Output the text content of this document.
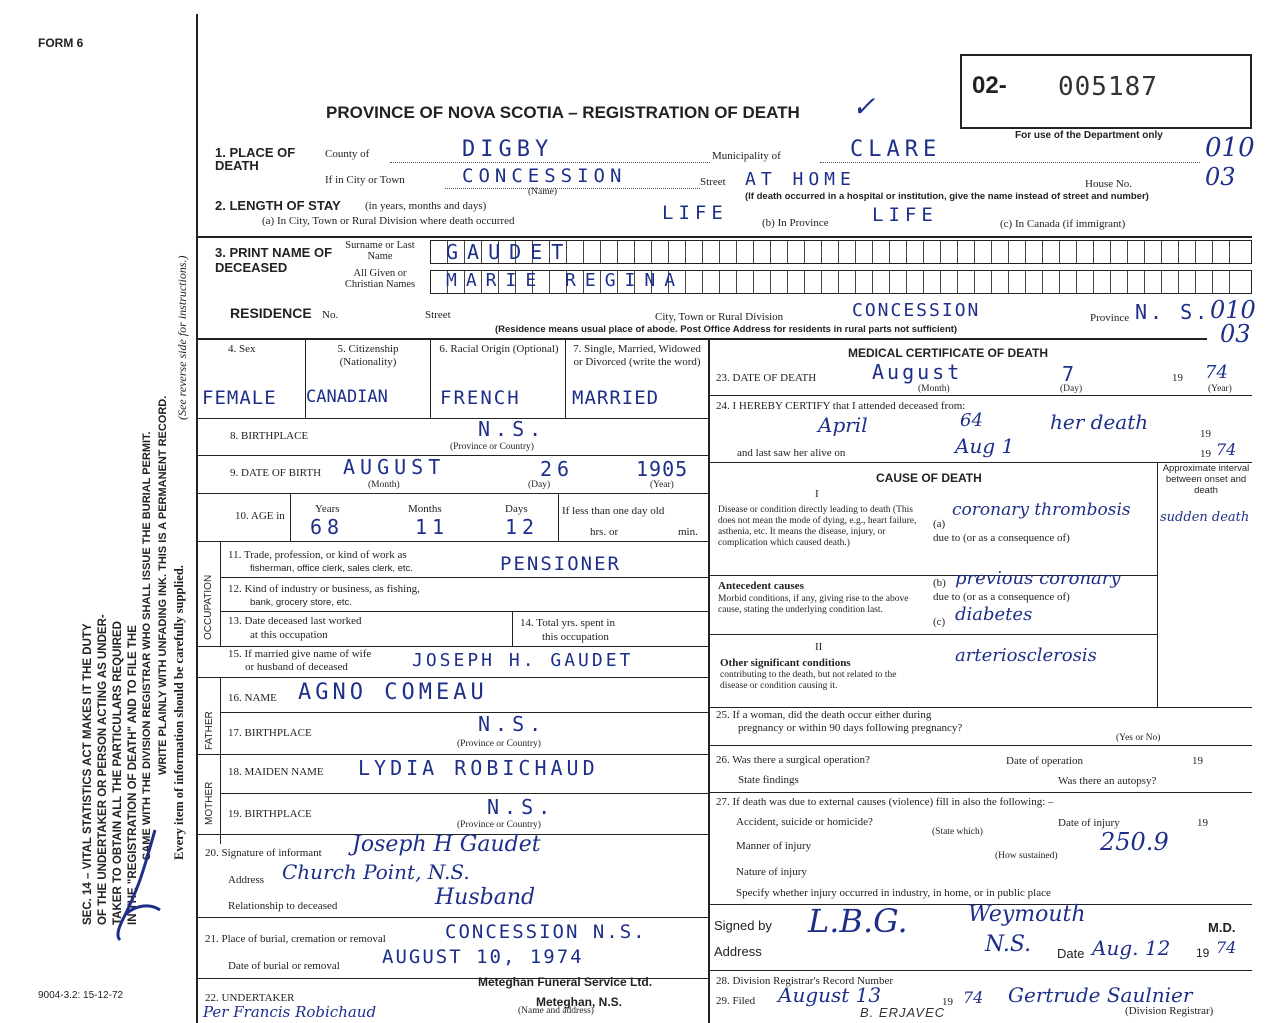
FORM 6
9004-3.2: 15-12-72
SEC. 14 – VITAL STATISTICS ACT MAKES IT THE DUTY OF THE UNDERTAKER OR PERSON ACTING AS UNDER- TAKER TO OBTAIN ALL THE PARTICULARS REQUIRED IN THE "REGISTRATION OF DEATH" AND TO FILE THE SAME WITH THE DIVISION REGISTRAR WHO SHALL ISSUE THE BURIAL PERMIT. WRITE PLAINLY WITH UNFADING INK. THIS IS A PERMANENT RECORD. Every item of information should be carefully supplied.
(See reverse side for instructions.)
02- 005187
For use of the Department only
PROVINCE OF NOVA SCOTIA – REGISTRATION OF DEATH ✓
1. PLACE OF DEATH
County of	DIGBY	Municipality of	CLARE	010
If in City or Town	CONCESSION	Street AT HOME
(Name)
House No.	03
(If death occurred in a hospital or institution, give the name instead of street and number)
2. LENGTH OF STAY (in years, months and days)
(a) In City, Town or Rural Division where death occurred	LIFE	(b) In Province LIFE	(c) In Canada (if immigrant)
3. PRINT NAME OF DECEASED
Surname or Last Name	GAUDET
All Given or Christian Names	MARIE REGINA
RESIDENCE No.	Street	City, Town or Rural Division	CONCESSION	Province N. S. 010
03
(Residence means usual place of abode. Post Office Address for residents in rural parts not sufficient)
4. Sex	5. Citizenship (Nationality)
6. Racial Origin (Optional) 7. Single, Married, Widowed or Divorced (write the word)
FEMALE CANADIAN	FRENCH	MARRIED
8. BIRTHPLACE	N.S.
(Province or Country)
9. DATE OF BIRTH AUGUST	26	1905
(Month)	(Day)	(Year)
10. AGE in
Years
68
Months
11
Days
12
If less than one day old
hrs. or	min.
OCCUPATION
11. Trade, profession, or kind of work as
fisherman, office clerk, sales clerk, etc.	PENSIONER
12. Kind of industry or business, as fishing,
bank, grocery store, etc.
13. Date deceased last worked
at this occupation
14. Total yrs. spent in
this occupation
15. If married give name of wife
or husband of deceased	JOSEPH H. GAUDET
FATHER
16. NAME AGNO COMEAU
17. BIRTHPLACE	N.S.
(Province or Country)
MOTHER
18. MAIDEN NAME LYDIA ROBICHAUD
19. BIRTHPLACE	N.S.
(Province or Country)
20. Signature of informant Joseph H Gaudet
Address Church Point, N.S.
Relationship to deceased	Husband
21. Place of burial, cremation or removal	CONCESSION N.S.
Date of burial or removal AUGUST 10, 1974
22. UNDERTAKER
Meteghan Funeral Service Ltd.
Meteghan, N.S.
(Name and address)
Per Francis Robichaud
MEDICAL CERTIFICATE OF DEATH
23. DATE OF DEATH	August	7	19 74
(Month)	(Day)	(Year)
24. I HEREBY CERTIFY that I attended deceased from:
April	64	her death	19
and last saw her alive on	Aug 1	19 74
CAUSE OF DEATH
Approximate interval between onset and death
I
Disease or condition directly leading to death (This does not mean the mode of dying, e.g., heart failure, asthenia, etc. It means the disease, injury, or complication which caused death.)
(a)
coronary thrombosis sudden death
due to (or as a consequence of)
Antecedent causes
Morbid conditions, if any, giving rise to the above cause, stating the underlying condition last.
(b) previous coronary
due to (or as a consequence of)
(c) diabetes
II
Other significant conditions
contributing to the death, but not related to the disease or condition causing it.
arteriosclerosis
25. If a woman, did the death occur either during
pregnancy or within 90 days following pregnancy?
(Yes or No)
26. Was there a surgical operation?	Date of operation	19
State findings	Was there an autopsy?
27. If death was due to external causes (violence) fill in also the following: –
Accident, suicide or homicide?
(State which)
Date of injury	19
Manner of injury
(How sustained) 250.9
Nature of injury
Specify whether injury occurred in industry, in home, or in public place
Signed by L.B.G.	Weymouth
M.D.
Address	N.S. Date Aug. 12 19 74
28. Division Registrar's Record Number
29. Filed August 13	19 74 Gertrude Saulnier
(Division Registrar)
B. ERJAVEC
